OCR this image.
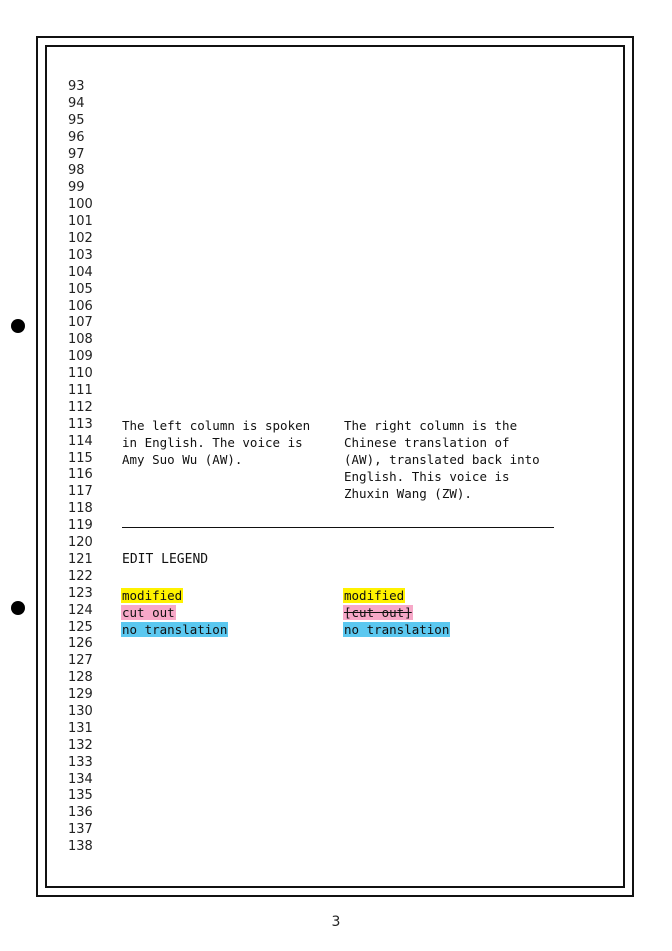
93
94
95
96
97
98
99
100
101
102
103
104
105
106
107
108
109
110
111
112
113
114
115
116
117
118
119
120
121
122
123
124
125
126
127
128
129
130
131
132
133
134
135
136
137
138
The left column is spoken
in English. The voice is
Amy Suo Wu (AW).
The right column is the
Chinese translation of
(AW), translated back into
English. This voice is
Zhuxin Wang (ZW).
EDIT LEGEND
modified
cut out
no translation
modified
[cut out]
no translation
3
